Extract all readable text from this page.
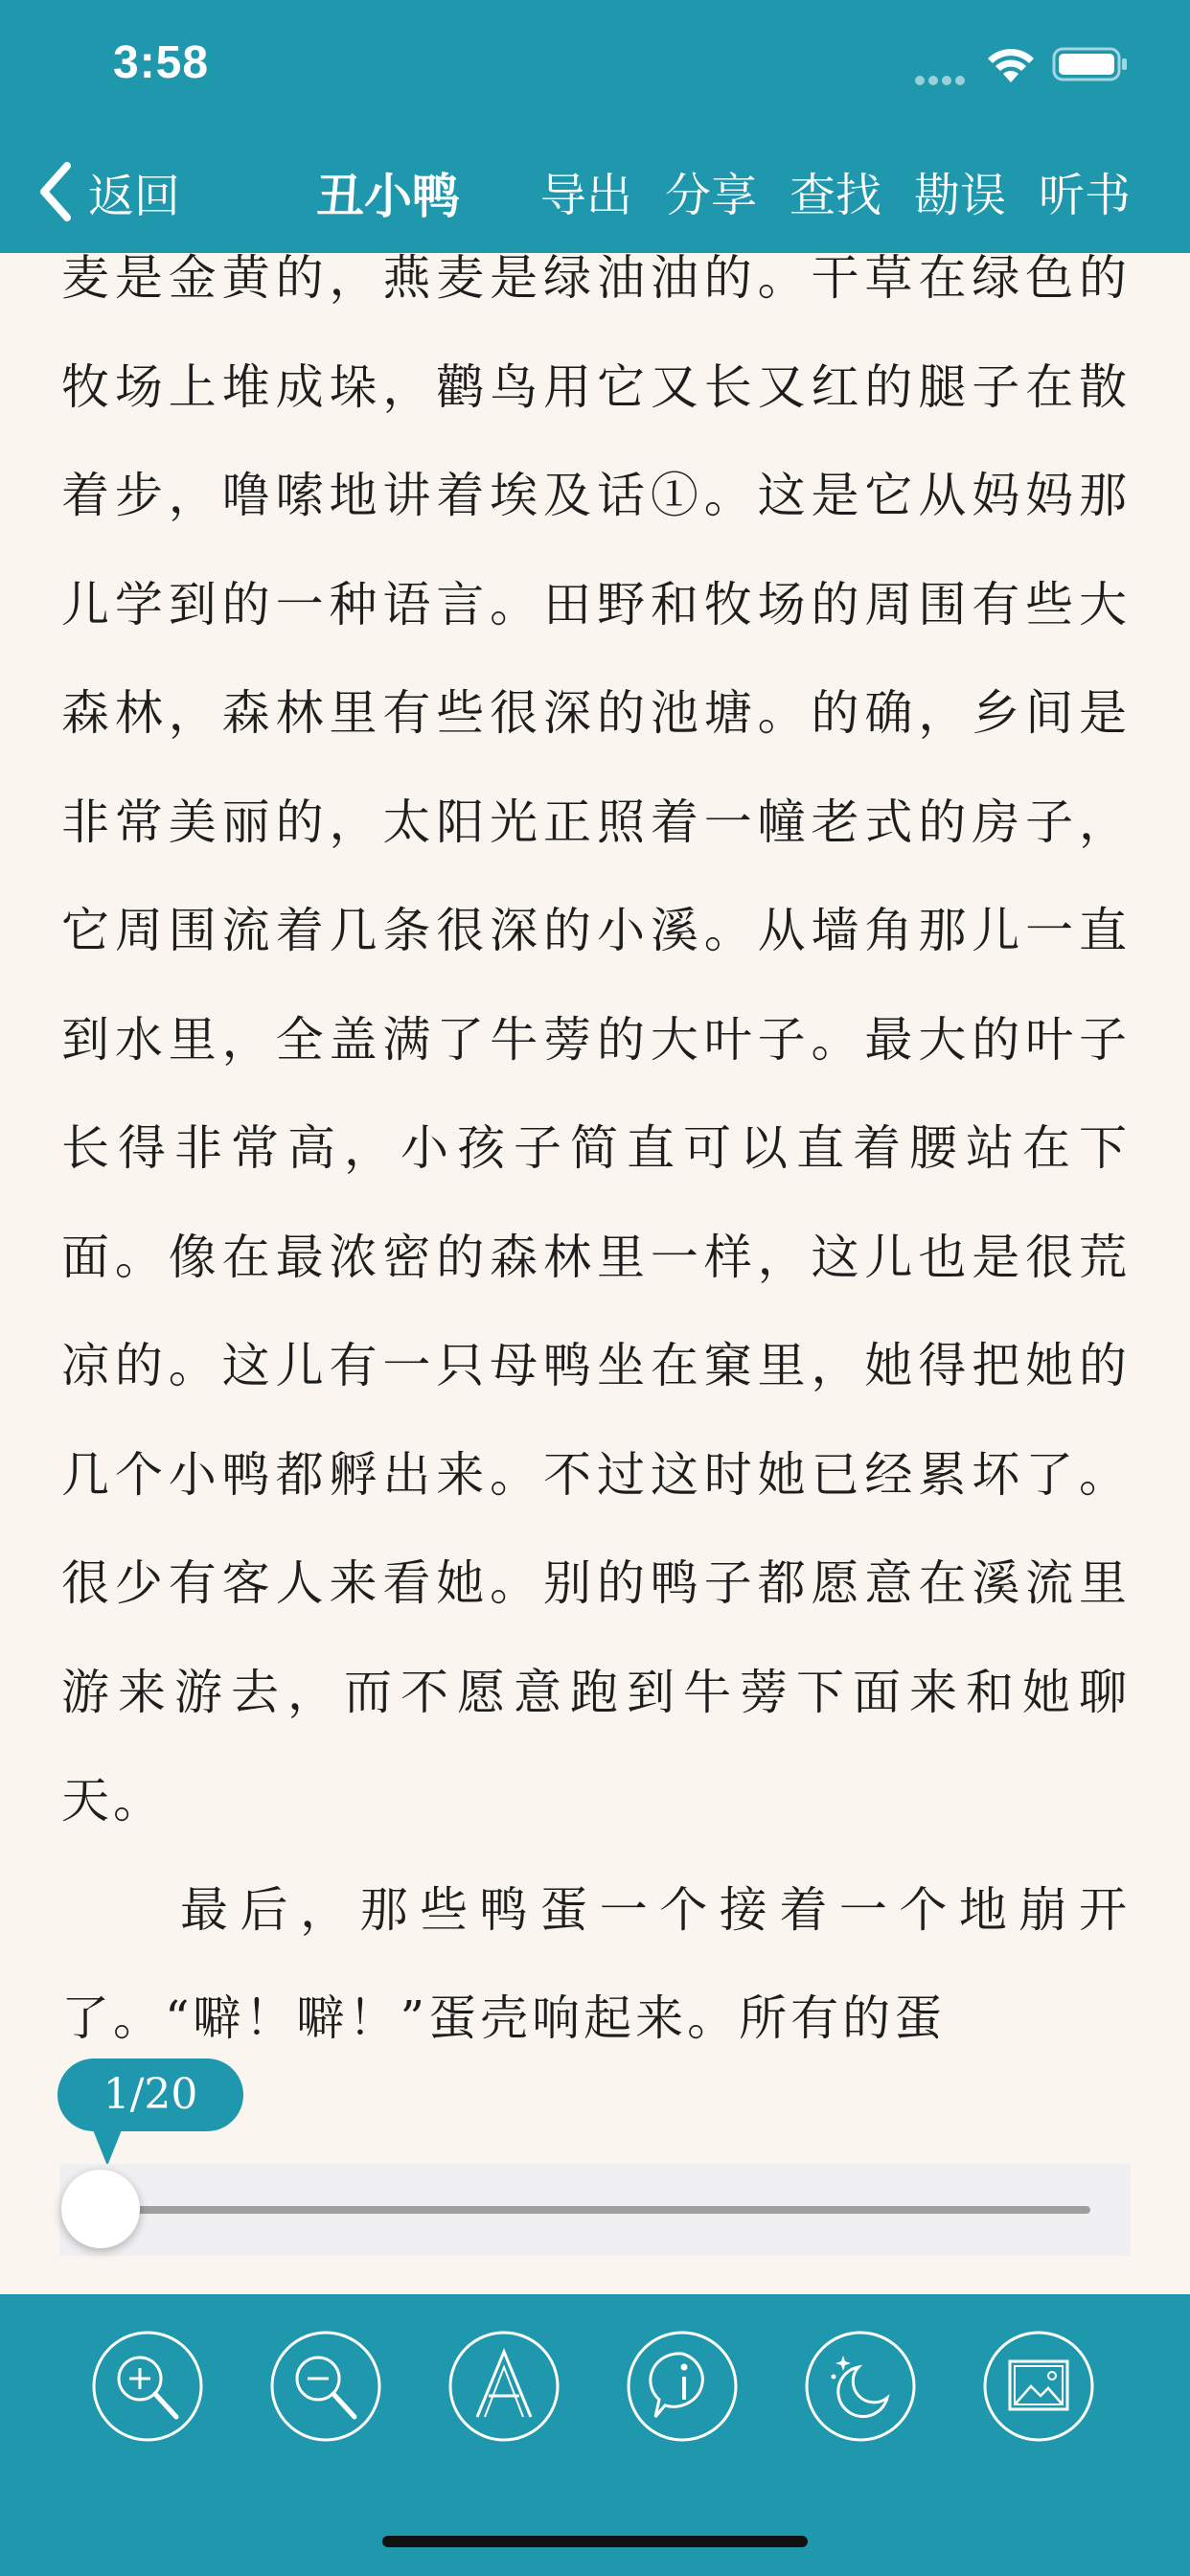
3:58
返回	丑小鸭 导出 分享 查找 勘误 听书

麦是金黄的，燕麦是绿油油的。干草在绿色的牧场上堆成垛，鹳鸟用它又长又红的腿子在散着步，噜嗦地讲着埃及话①。这是它从妈妈那儿学到的一种语言。田野和牧场的周围有些大森林，森林里有些很深的池塘。的确，乡间是非常美丽的，太阳光正照着一幢老式的房子，它周围流着几条很深的小溪。从墙角那儿一直到水里，全盖满了牛蒡的大叶子。最大的叶子长得非常高，小孩子简直可以直着腰站在下面。像在最浓密的森林里一样，这儿也是很荒凉的。这儿有一只母鸭坐在窠里，她得把她的几个小鸭都孵出来。不过这时她已经累坏了。很少有客人来看她。别的鸭子都愿意在溪流里游来游去，而不愿意跑到牛蒡下面来和她聊天。

最后，那些鸭蛋一个接着一个地崩开了。“噼！噼！”蛋壳响起来。所有的蛋

1/20
